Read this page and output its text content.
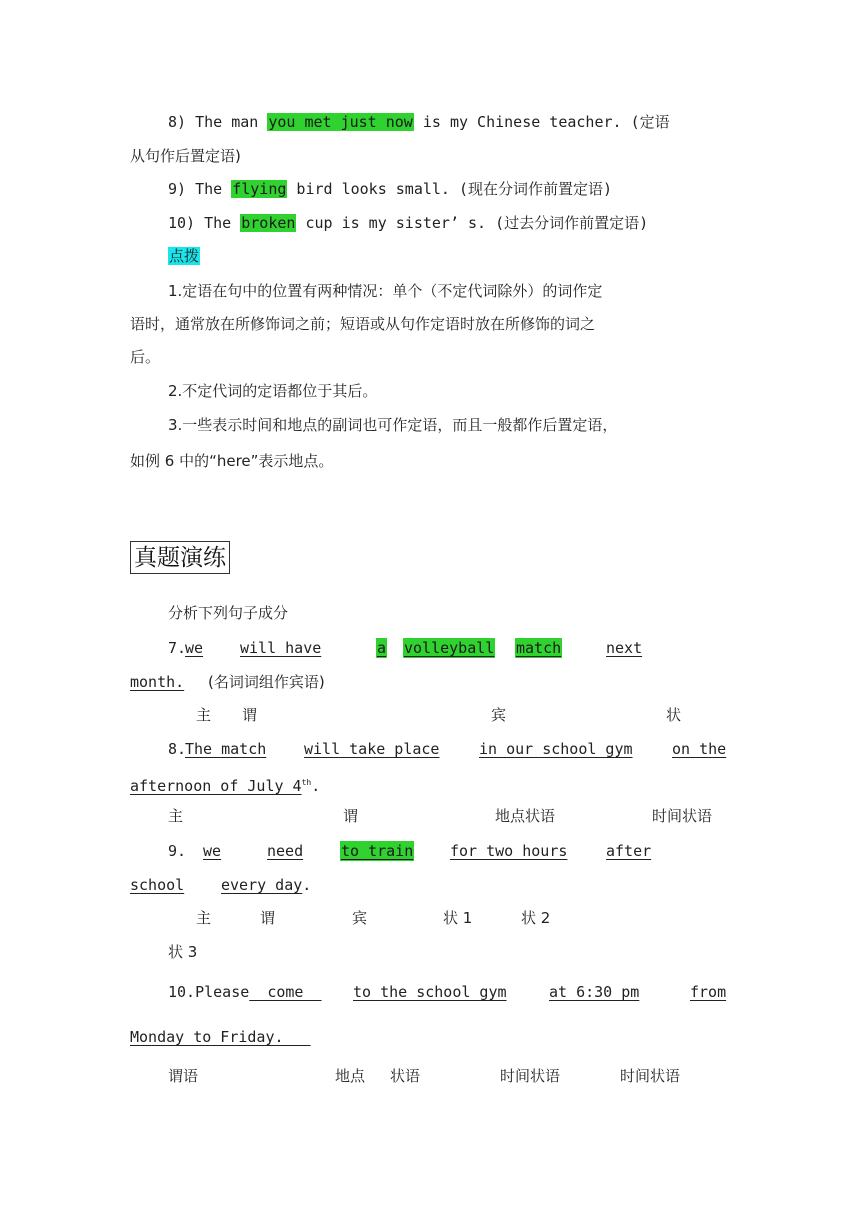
8) The man you met just now is my Chinese teacher. (定语
从句作后置定语)
9) The flying bird looks small. (现在分词作前置定语)
10) The broken cup is my sister’ s. (过去分词作前置定语)
点拨
1.定语在句中的位置有两种情况：单个（不定代词除外）的词作定
语时，通常放在所修饰词之前；短语或从句作定语时放在所修饰的词之
后。
2.不定代词的定语都位于其后。
3.一些表示时间和地点的副词也可作定语，而且一般都作后置定语，
如例 6 中的“here”表示地点。
真题演练
分析下列句子成分
7.
we will have	a volleyball match	next
month. (名词词组作宾语)
主 谓	宾	状
8.
The match	will take place	in our school gym	on the
afternoon of July 4th.
主	谓	地点状语	时间状语
9. we	need	to train for two hours	after
school every day.
主	谓	宾	状 1	状 2
状 3
10.Please  come to the school gym	at 6:30 pm	from
Monday to Friday.
谓语	地点 状语	时间状语	时间状语
